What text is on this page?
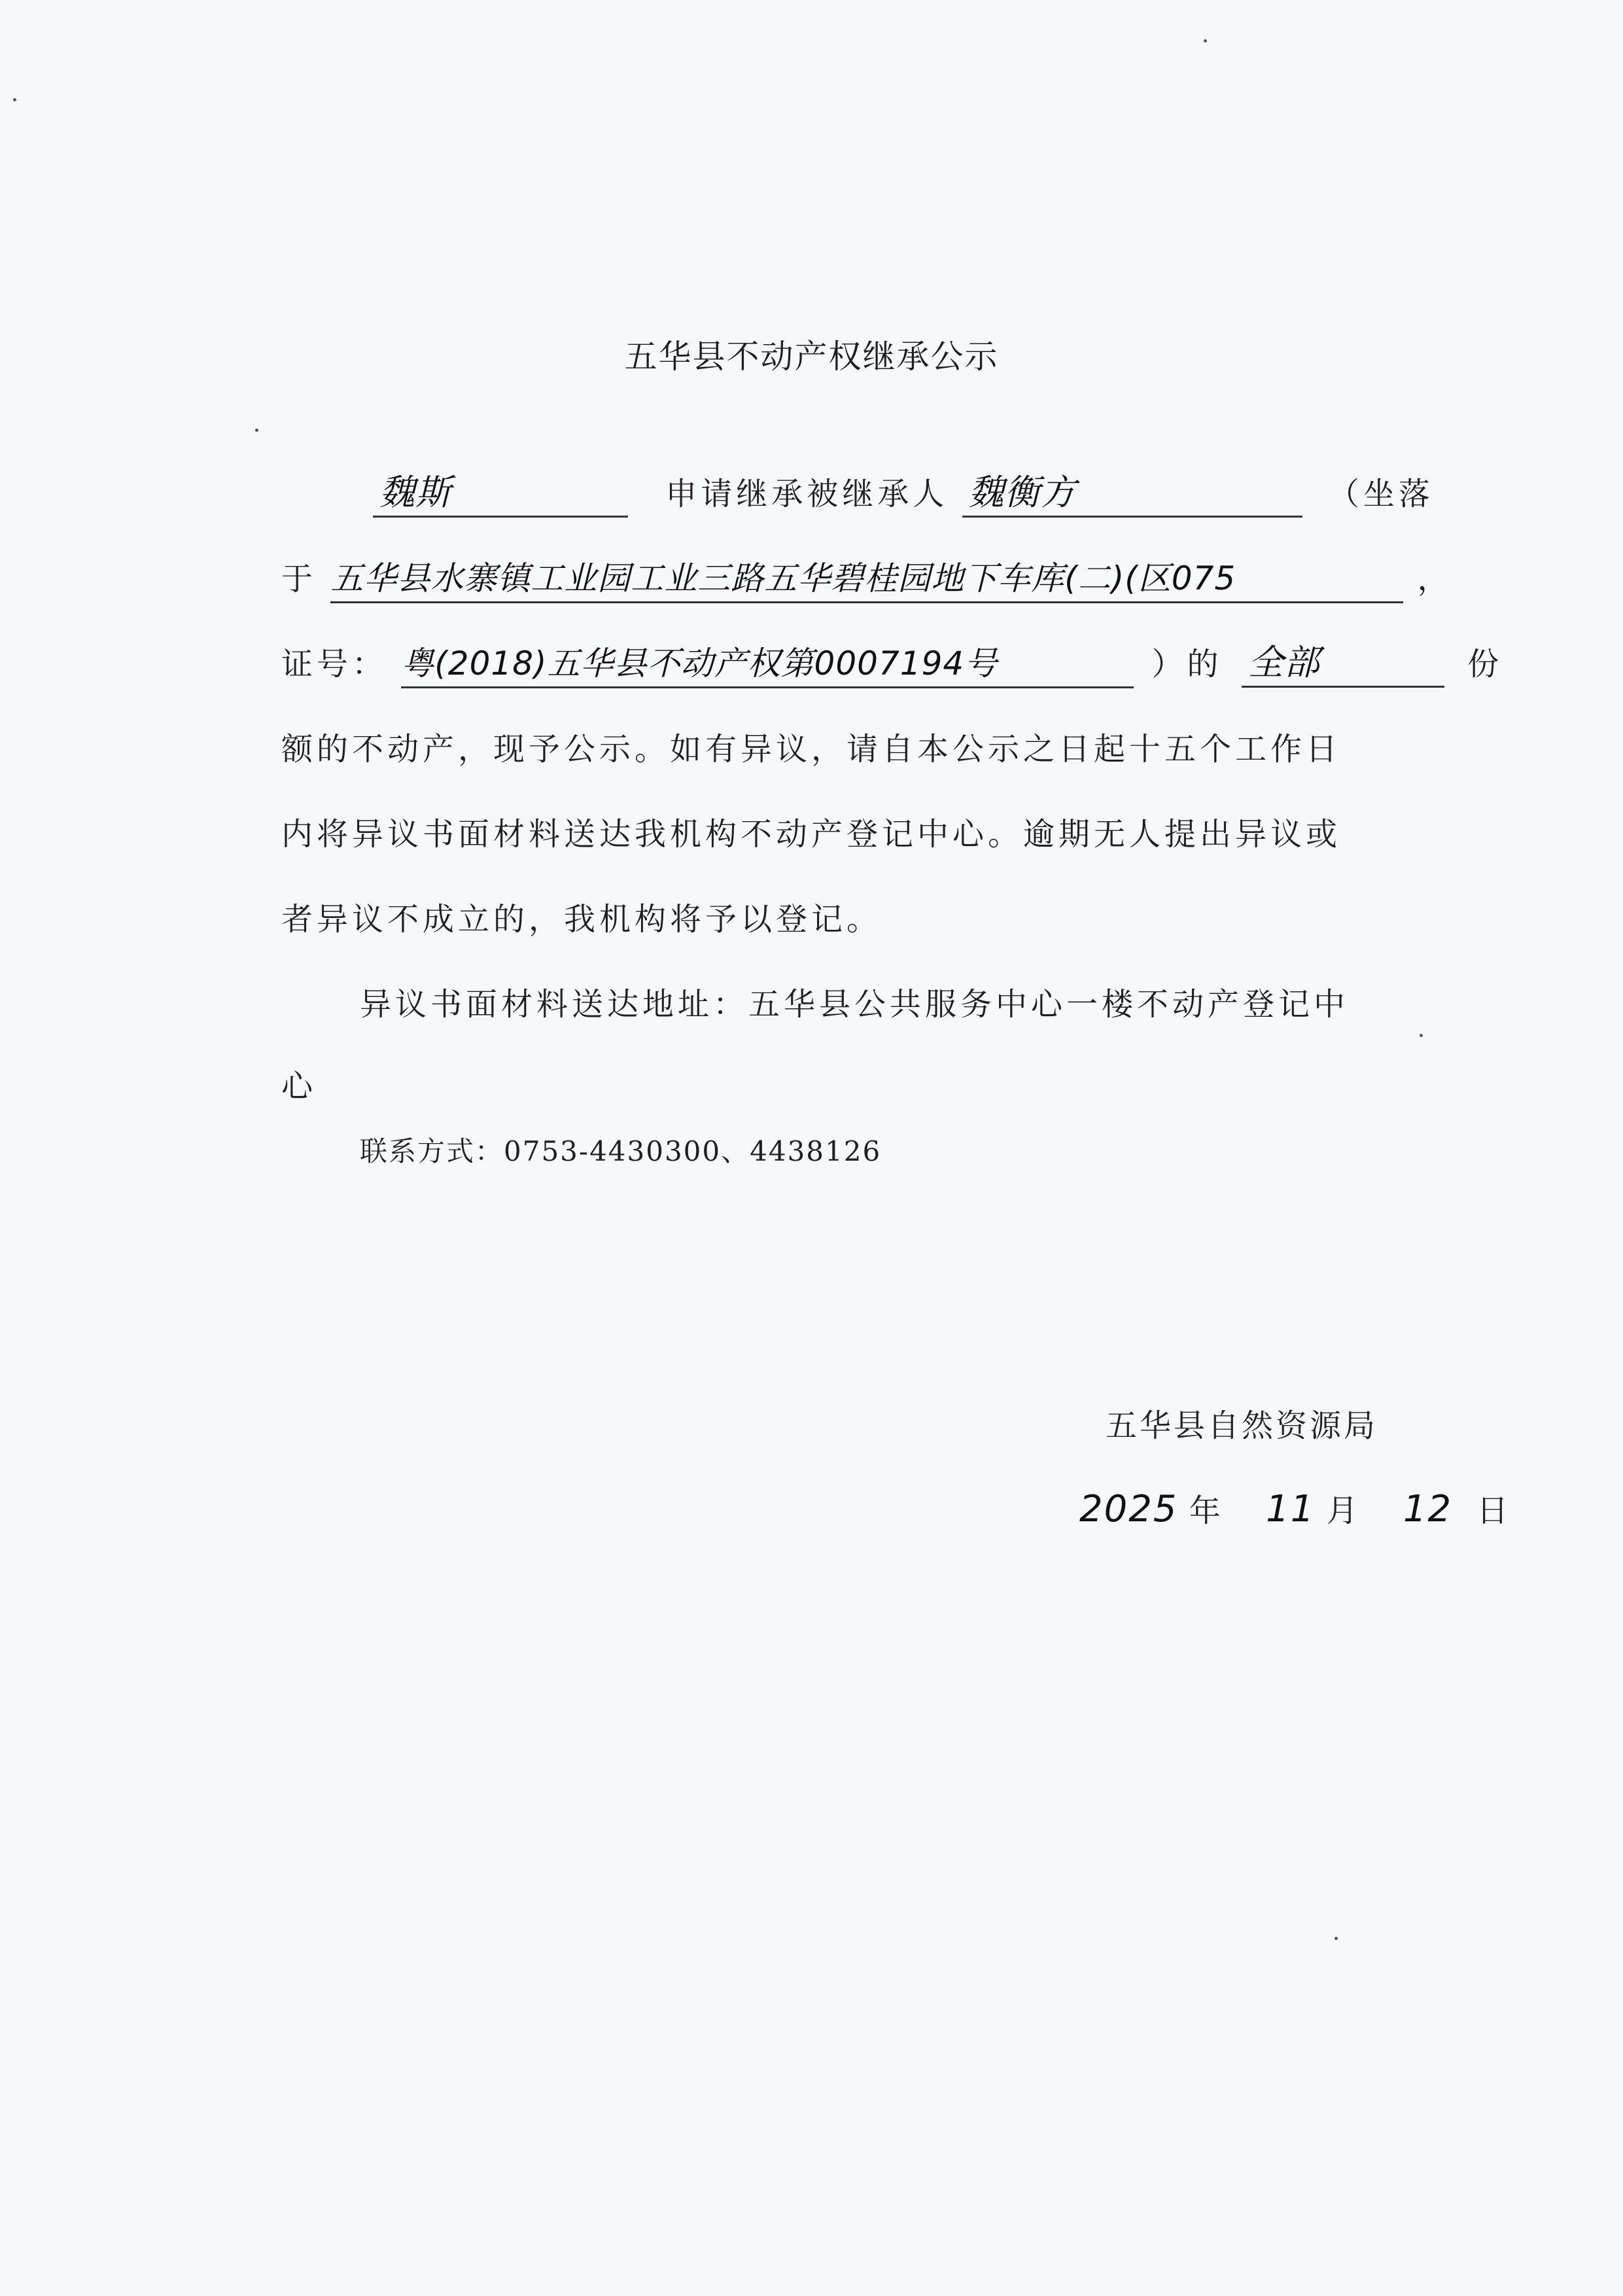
五华县不动产权继承公示
魏斯	申请继承被继承人 魏衡方	（坐落
于 五华县水寨镇工业园工业三路五华碧桂园地下车库(二)(区075	，
证号： 粤(2018)五华县不动产权第0007194号	）的 全部	份
额的不动产，现予公示。如有异议，请自本公示之日起十五个工作日
内将异议书面材料送达我机构不动产登记中心。逾期无人提出异议或
者异议不成立的，我机构将予以登记。
异议书面材料送达地址：五华县公共服务中心一楼不动产登记中
心
联系方式：0753-4430300、4438126
五华县自然资源局
2025 年 11 月 12 日
